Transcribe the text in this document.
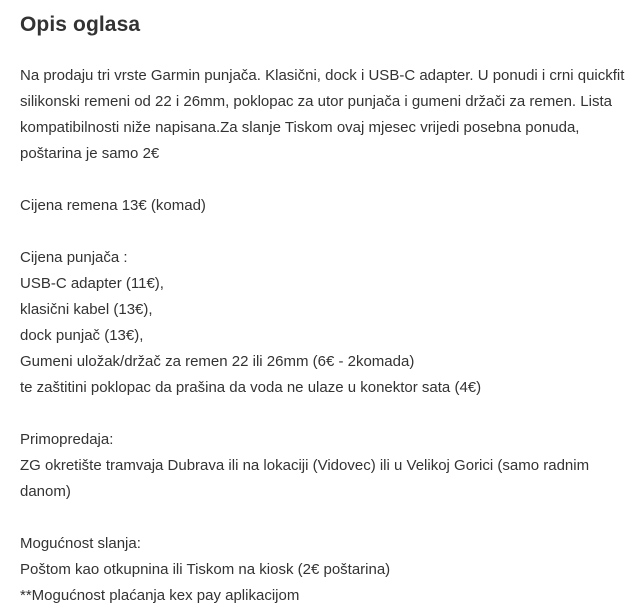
Opis oglasa

Na prodaju tri vrste Garmin punjača. Klasični, dock i USB-C adapter. U ponudi i crni quickfit silikonski remeni od 22 i 26mm, poklopac za utor punjača i gumeni držači za remen. Lista kompatibilnosti niže napisana.Za slanje Tiskom ovaj mjesec vrijedi posebna ponuda, poštarina je samo 2€

Cijena remena 13€ (komad)

Cijena punjača :

USB-C adapter (11€),

klasični kabel (13€),

dock punjač (13€),

Gumeni uložak/držač za remen 22 ili 26mm (6€ - 2komada)

te zaštitini poklopac da prašina da voda ne ulaze u konektor sata (4€)

Primopredaja:

ZG okretište tramvaja Dubrava ili na lokaciji (Vidovec) ili u Velikoj Gorici (samo radnim danom)

Mogućnost slanja:

Poštom kao otkupnina ili Tiskom na kiosk (2€ poštarina)

**Mogućnost plaćanja kex pay aplikacijom
